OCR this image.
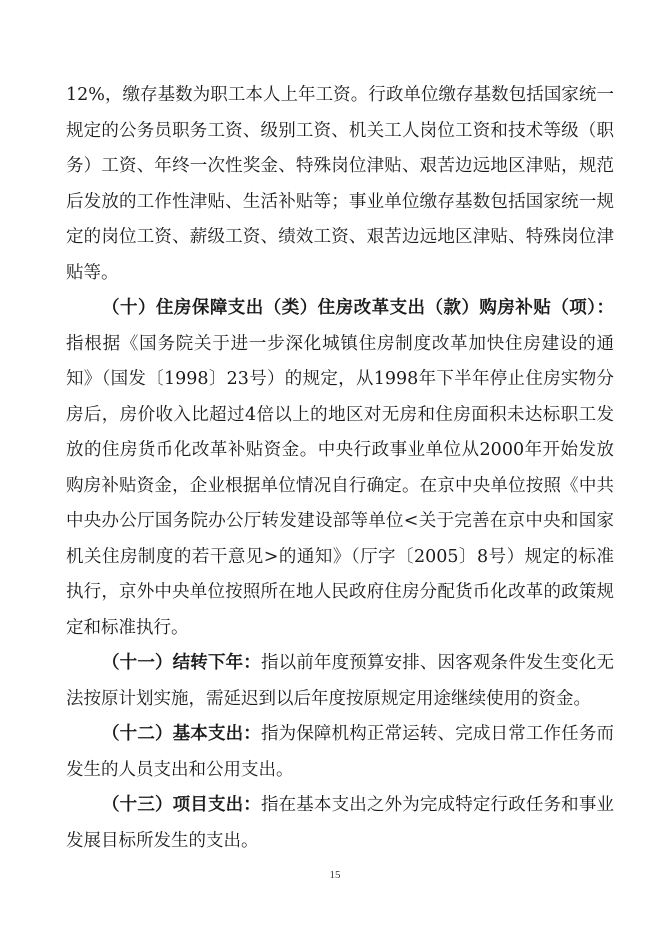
12%，缴存基数为职工本人上年工资。行政单位缴存基数包括国家统一规定的公务员职务工资、级别工资、机关工人岗位工资和技术等级（职务）工资、年终一次性奖金、特殊岗位津贴、艰苦边远地区津贴，规范后发放的工作性津贴、生活补贴等；事业单位缴存基数包括国家统一规定的岗位工资、薪级工资、绩效工资、艰苦边远地区津贴、特殊岗位津贴等。

（十）住房保障支出（类）住房改革支出（款）购房补贴（项）：指根据《国务院关于进一步深化城镇住房制度改革加快住房建设的通知》（国发〔1998〕23号）的规定，从1998年下半年停止住房实物分房后，房价收入比超过4倍以上的地区对无房和住房面积未达标职工发放的住房货币化改革补贴资金。中央行政事业单位从2000年开始发放购房补贴资金，企业根据单位情况自行确定。在京中央单位按照《中共中央办公厅国务院办公厅转发建设部等单位<关于完善在京中央和国家机关住房制度的若干意见>的通知》（厅字〔2005〕8号）规定的标准执行，京外中央单位按照所在地人民政府住房分配货币化改革的政策规定和标准执行。

（十一）结转下年：指以前年度预算安排、因客观条件发生变化无法按原计划实施，需延迟到以后年度按原规定用途继续使用的资金。

（十二）基本支出：指为保障机构正常运转、完成日常工作任务而发生的人员支出和公用支出。

（十三）项目支出：指在基本支出之外为完成特定行政任务和事业发展目标所发生的支出。

15
